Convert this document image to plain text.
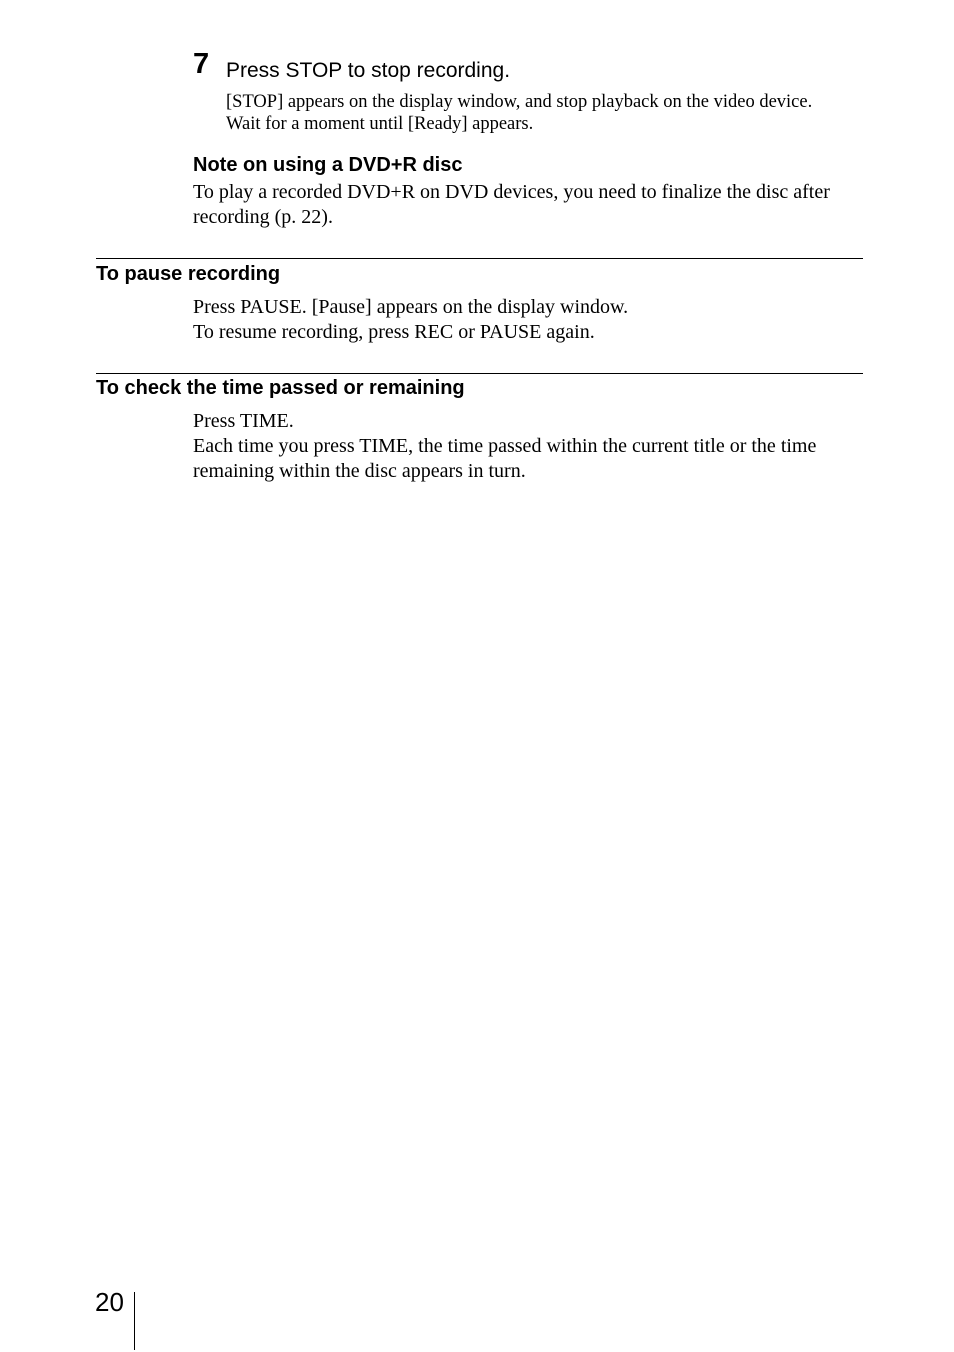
7 Press STOP to stop recording.

[STOP] appears on the display window, and stop playback on the video device.

Wait for a moment until [Ready] appears.

Note on using a DVD+R disc

To play a recorded DVD+R on DVD devices, you need to finalize the disc after recording (p. 22).

To pause recording

Press PAUSE. [Pause] appears on the display window.

To resume recording, press REC or PAUSE again.

To check the time passed or remaining

Press TIME.

Each time you press TIME, the time passed within the current title or the time remaining within the disc appears in turn.

20
